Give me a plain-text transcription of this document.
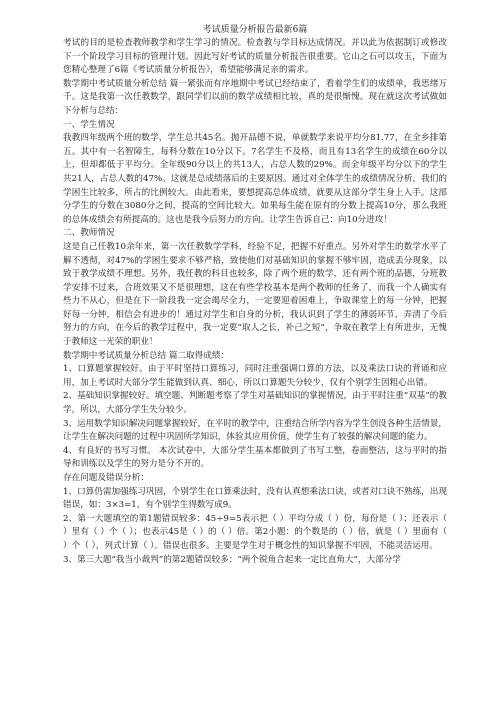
考试质量分析报告最新6篇

考试的目的是检查教师教学和学生学习的情况。检查教与学目标达成情况。并以此为依据制订或修改下一个阶段学习目标的管理计划。因此写好考试的质量分析报告很重要。它山之石可以攻玉，下面为您精心整理了6篇《考试质量分析报告》，希望能够满足亲的需求。

数学期中考试质量分析总结 篇一紧张而有序地期中考试已经结束了，看着学生们的成绩单，我思绪万千。这是我第一次任教数学，跟同学们以前的数学成绩相比较，真的是很惭愧。现在就这次考试做如下分析与总结：

一、学生情况

我教四年级两个班的数学，学生总共45名。抛开品德不说，单就数学来说平均分81.77，在全乡排第五。其中有一名智障生，每科分数在10分以下。7名学生不及格，而且有13名学生的成绩在60分以上，但却都低于平均分。全年级90分以上的共13人，占总人数的29%。而全年级平均分以下的学生共21人，占总人数的47%。这就是总成绩落后的主要原因。通过对全体学生的成绩情况分析，我们的学困生比较多，所占的比例较大。由此看来，要想提高总体成绩，就要从这部分学生身上入手。这部分学生的分数在3080分之间，提高的空间比较大。如果每生能在原有的分数上提高10分，那么我班的总体成绩会有所提高的。这也是我今后努力的方向。让学生告诉自己：向10分进攻！

二、教师情况

这是自己任教10余年来，第一次任教数学学科，经验不足，把握不好重点。另外对学生的数学水平了解不透彻，对47%的学困生要求不够严格，致使他们对基础知识的掌握不够牢固，造成丢分现象，以致于教学成绩不理想。另外，我任教的科目也较多，除了两个班的数学，还有两个班的品德，分班教学安排不过来，合班效果又不是很理想，这在有些学校基本是两个教师的任务了，而我一个人确实有些力不从心，但是在下一阶段我一定会竭尽全力，一定要迎着困难上，争取课堂上的每一分钟，把握好每一分钟，相信会有进步的！通过对学生和自身的分析，我认识到了学生的薄弱环节，弄清了今后努力的方向，在今后的教学过程中，我一定要“取人之长，补己之短”，争取在教学上有所进步，无愧于教师这一光荣的职业！

数学期中考试质量分析总结 篇二取得成绩：

1、口算题掌握较好。由于平时坚持口算练习，同时注重强调口算的方法，以及乘法口诀的背诵和应用，加上考试时大部分学生能做到认真、细心，所以口算题失分较少，仅有个别学生因粗心出错。

2、基础知识掌握较好。填空题、判断题考察了学生对基础知识的掌握情况，由于平时注重“双基”的教学，所以，大部分学生失分较少。

3、运用数学知识解决问题掌握较好，在平时的教学中，注重结合所学内容为学生创设各种生活情景，让学生在解决问题的过程中巩固所学知识，体验其应用价值，使学生有了较强的解决问题的能力。

4、有良好的书写习惯。 本次试卷中，大部分学生基本都做到了书写工整，卷面整洁，这与平时的指导和训练以及学生的努力是分不开的。

存在问题及错误分析：

1、口算仍需加强练习巩固，个别学生在口算乘法时，没有认真想乘法口诀，或者对口诀不熟练，出现错误，如：3×3=1，有个别学生得数写成9。

2、第一大题填空的第1题错误较多：45÷9=5表示把（ ）平均分成（ ）份，每份是（ ）；还表示（ ）里有（ ）个（ ）；也表示45是（ ）的（ ）倍。第2小题：的个数是的（ ）倍，就是（ ）里面有（ ）个（ ），列式计算（ ）。错误也很多。主要是学生对于概念性的知识掌握不牢固，不能灵活运用。

3、第三大题“我当小裁判”的第2题错误较多：“两个锐角合起来一定比直角大”，大部分学
